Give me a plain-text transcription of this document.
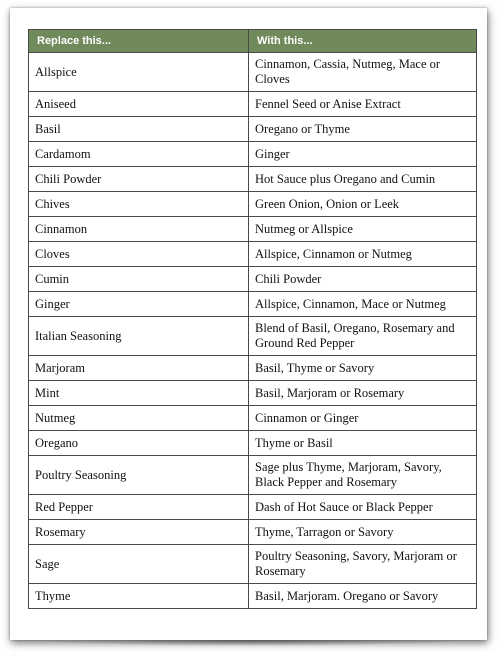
Replace this...	With this...
Allspice	Cinnamon, Cassia, Nutmeg, Mace or Cloves
Aniseed	Fennel Seed or Anise Extract
Basil	Oregano or Thyme
Cardamom	Ginger
Chili Powder	Hot Sauce plus Oregano and Cumin
Chives	Green Onion, Onion or Leek
Cinnamon	Nutmeg or Allspice
Cloves	Allspice, Cinnamon or Nutmeg
Cumin	Chili Powder
Ginger	Allspice, Cinnamon, Mace or Nutmeg
Italian Seasoning	Blend of Basil, Oregano, Rosemary and Ground Red Pepper
Marjoram	Basil, Thyme or Savory
Mint	Basil, Marjoram or Rosemary
Nutmeg	Cinnamon or Ginger
Oregano	Thyme or Basil
Poultry Seasoning	Sage plus Thyme, Marjoram, Savory, Black Pepper and Rosemary
Red Pepper	Dash of Hot Sauce or Black Pepper
Rosemary	Thyme, Tarragon or Savory
Sage	Poultry Seasoning, Savory, Marjoram or Rosemary
Thyme	Basil, Marjoram. Oregano or Savory
